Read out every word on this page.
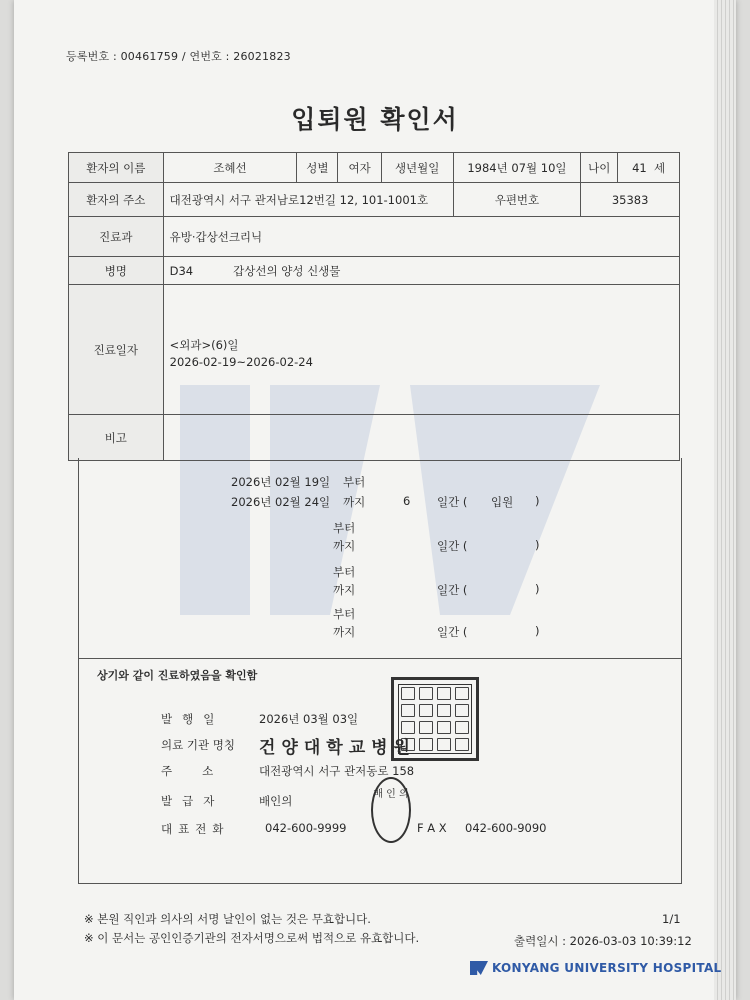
등록번호 : 00461759 / 연번호 : 26021823
입퇴원 확인서
환자의 이름	조혜선	성별	여자	생년월일	1984년 07월 10일	나이	41 세
환자의 주소	대전광역시 서구 관저남로12번길 12, 101-1001호				우편번호	35383	
진료과	유방·갑상선크리닉						
병명	D34 갑상선의 양성 신생물						
진료일자	<외과>(6)일
2026-02-19~2026-02-24						

비고							
2026년 02월 19일 부터
2026년 02월 24일 까지	6 일간 ( 입원 )
부터
까지	일간 (	)
부터
까지	일간 (	)
부터
까지	일간 (	)
상기와 같이 진료하였음을 확인함
발행일	2026년 03월 03일
의료 기관 명칭 건양대학교병원
주소 대전광역시 서구 관저동로 158
배 인 의
발급자	배인의
대표전화	042-600-9999	F A X 042-600-9090
※ 본원 직인과 의사의 서명 날인이 없는 것은 무효합니다.
※ 이 문서는 공인인증기관의 전자서명으로써 법적으로 유효합니다.
1/1
출력일시 : 2026-03-03 10:39:12
KONYANG UNIVERSITY HOSPITAL
